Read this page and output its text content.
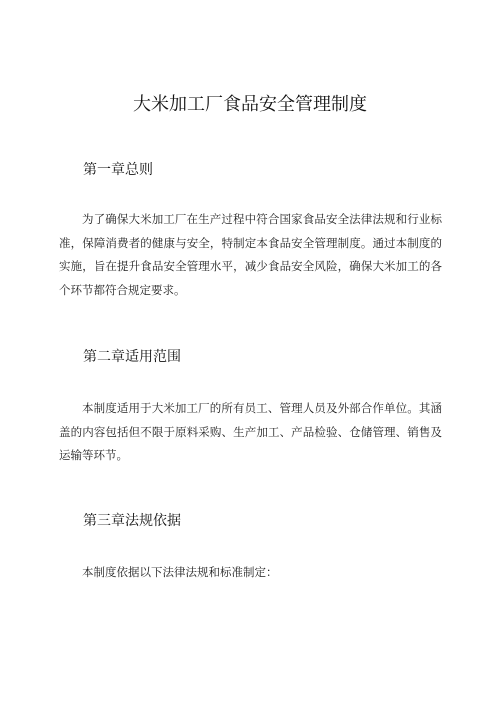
大米加工厂食品安全管理制度
第一章总则

为了确保大米加工厂在生产过程中符合国家食品安全法律法规和行业标准，保障消费者的健康与安全，特制定本食品安全管理制度。通过本制度的实施，旨在提升食品安全管理水平，减少食品安全风险，确保大米加工的各个环节都符合规定要求。

第二章适用范围

本制度适用于大米加工厂的所有员工、管理人员及外部合作单位。其涵盖的内容包括但不限于原料采购、生产加工、产品检验、仓储管理、销售及运输等环节。

第三章法规依据

本制度依据以下法律法规和标准制定：
